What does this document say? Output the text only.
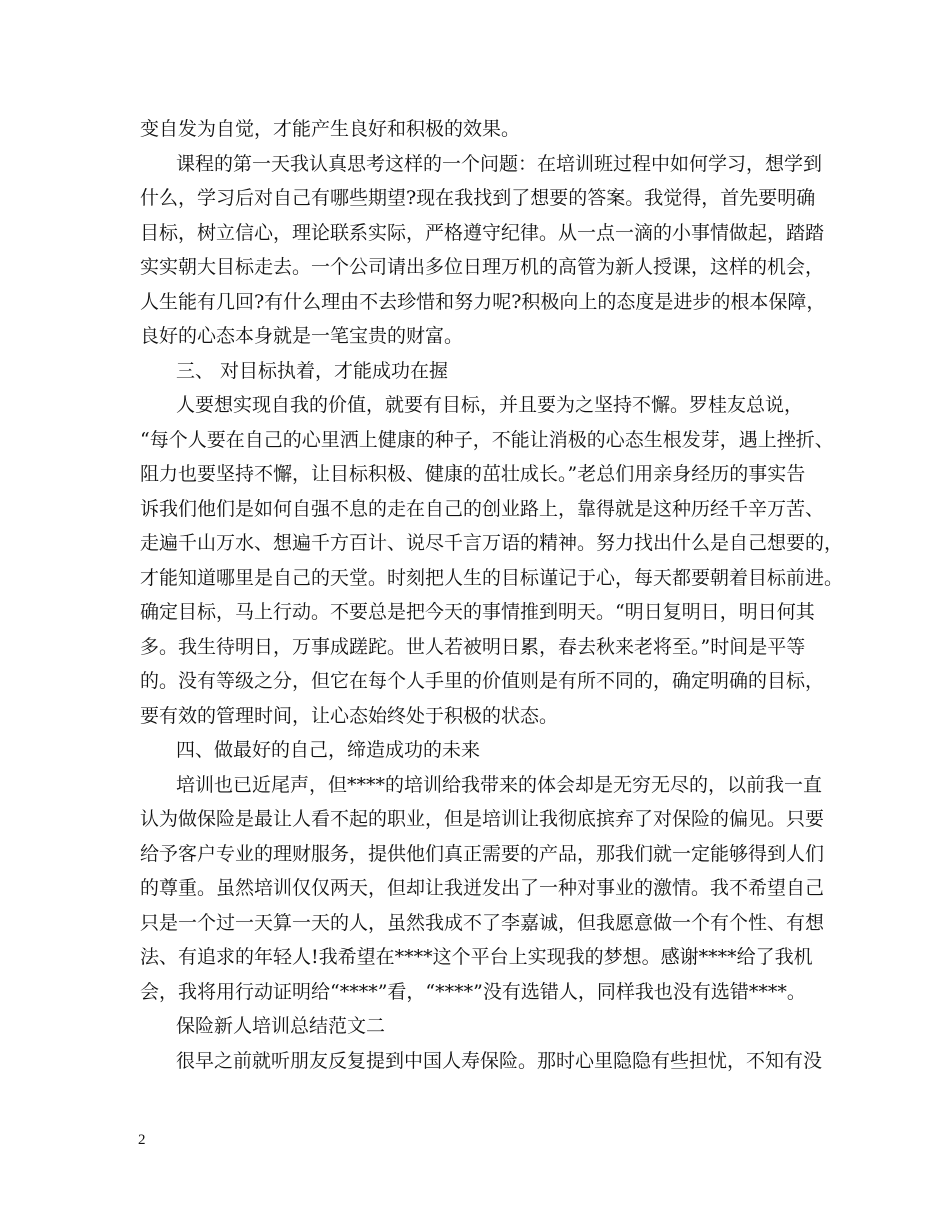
变自发为自觉，才能产生良好和积极的效果。
课程的第一天我认真思考这样的一个问题：在培训班过程中如何学习，想学到
什么，学习后对自己有哪些期望?现在我找到了想要的答案。我觉得，首先要明确
目标，树立信心，理论联系实际，严格遵守纪律。从一点一滴的小事情做起，踏踏
实实朝大目标走去。一个公司请出多位日理万机的高管为新人授课，这样的机会，
人生能有几回?有什么理由不去珍惜和努力呢?积极向上的态度是进步的根本保障，
良好的心态本身就是一笔宝贵的财富。
三、 对目标执着，才能成功在握
人要想实现自我的价值，就要有目标，并且要为之坚持不懈。罗桂友总说，
“每个人要在自己的心里洒上健康的种子，不能让消极的心态生根发芽，遇上挫折、
阻力也要坚持不懈，让目标积极、健康的茁壮成长。”老总们用亲身经历的事实告
诉我们他们是如何自强不息的走在自己的创业路上，靠得就是这种历经千辛万苦、
走遍千山万水、想遍千方百计、说尽千言万语的精神。努力找出什么是自己想要的，
才能知道哪里是自己的天堂。时刻把人生的目标谨记于心，每天都要朝着目标前进。
确定目标，马上行动。不要总是把今天的事情推到明天。“明日复明日，明日何其
多。我生待明日，万事成蹉跎。世人若被明日累，春去秋来老将至。”时间是平等
的。没有等级之分，但它在每个人手里的价值则是有所不同的，确定明确的目标，
要有效的管理时间，让心态始终处于积极的状态。
四、做最好的自己，缔造成功的未来
培训也已近尾声，但****的培训给我带来的体会却是无穷无尽的，以前我一直
认为做保险是最让人看不起的职业，但是培训让我彻底摈弃了对保险的偏见。只要
给予客户专业的理财服务，提供他们真正需要的产品，那我们就一定能够得到人们
的尊重。虽然培训仅仅两天，但却让我迸发出了一种对事业的激情。我不希望自己
只是一个过一天算一天的人，虽然我成不了李嘉诚，但我愿意做一个有个性、有想
法、有追求的年轻人!我希望在****这个平台上实现我的梦想。感谢****给了我机
会，我将用行动证明给“****”看，“****”没有选错人，同样我也没有选错****。
保险新人培训总结范文二
很早之前就听朋友反复提到中国人寿保险。那时心里隐隐有些担忧，不知有没
2
